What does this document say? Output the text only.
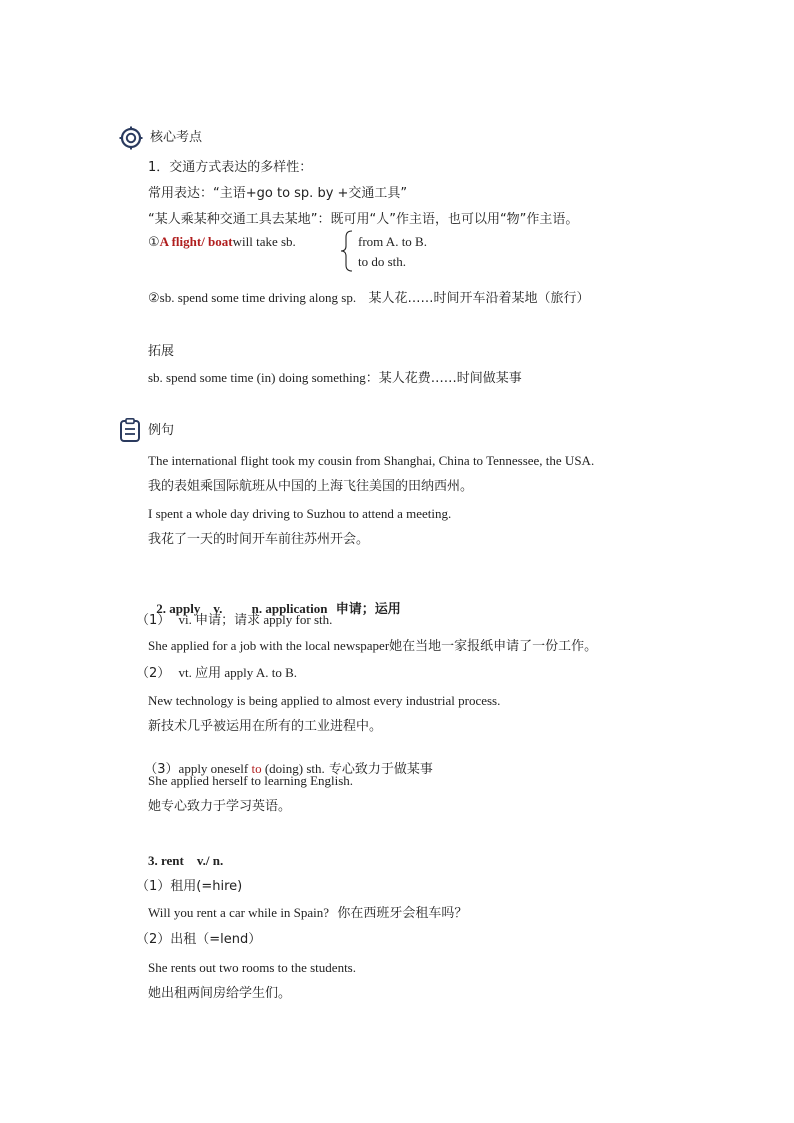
核心考点
1．交通方式表达的多样性：
常用表达：“主语+go to sp. by +交通工具”
“某人乘某种交通工具去某地”：既可用“人”作主语，也可以用“物”作主语。
①A flight/ boatwill take sb.	from A. to B.
to do sth.
②sb. spend some time driving along sp. 某人花……时间开车沿着某地（旅行）
拓展
sb. spend some time (in) doing something：某人花费……时间做某事
例句
The international flight took my cousin from Shanghai, China to Tennessee, the USA.
我的表姐乘国际航班从中国的上海飞往美国的田纳西州。
I spent a whole day driving to Suzhou to attend a meeting.
我花了一天的时间开车前往苏州开会。

2. apply    v.         n. application 申请；运用

（1） vi. 申请；请求 apply for sth.
She applied for a job with the local newspaper她在当地一家报纸申请了一份工作。
（2） vt. 应用 apply A. to B.
New technology is being applied to almost every industrial process.
新技术几乎被运用在所有的工业进程中。

（3）apply oneself to (doing) sth. 专心致力于做某事

She applied herself to learning English.
她专心致力于学习英语。
3. rent    v./ n.
（1）租用(=hire)
Will you rent a car while in Spain? 你在西班牙会租车吗？
（2）出租（=lend）
She rents out two rooms to the students.
她出租两间房给学生们。
